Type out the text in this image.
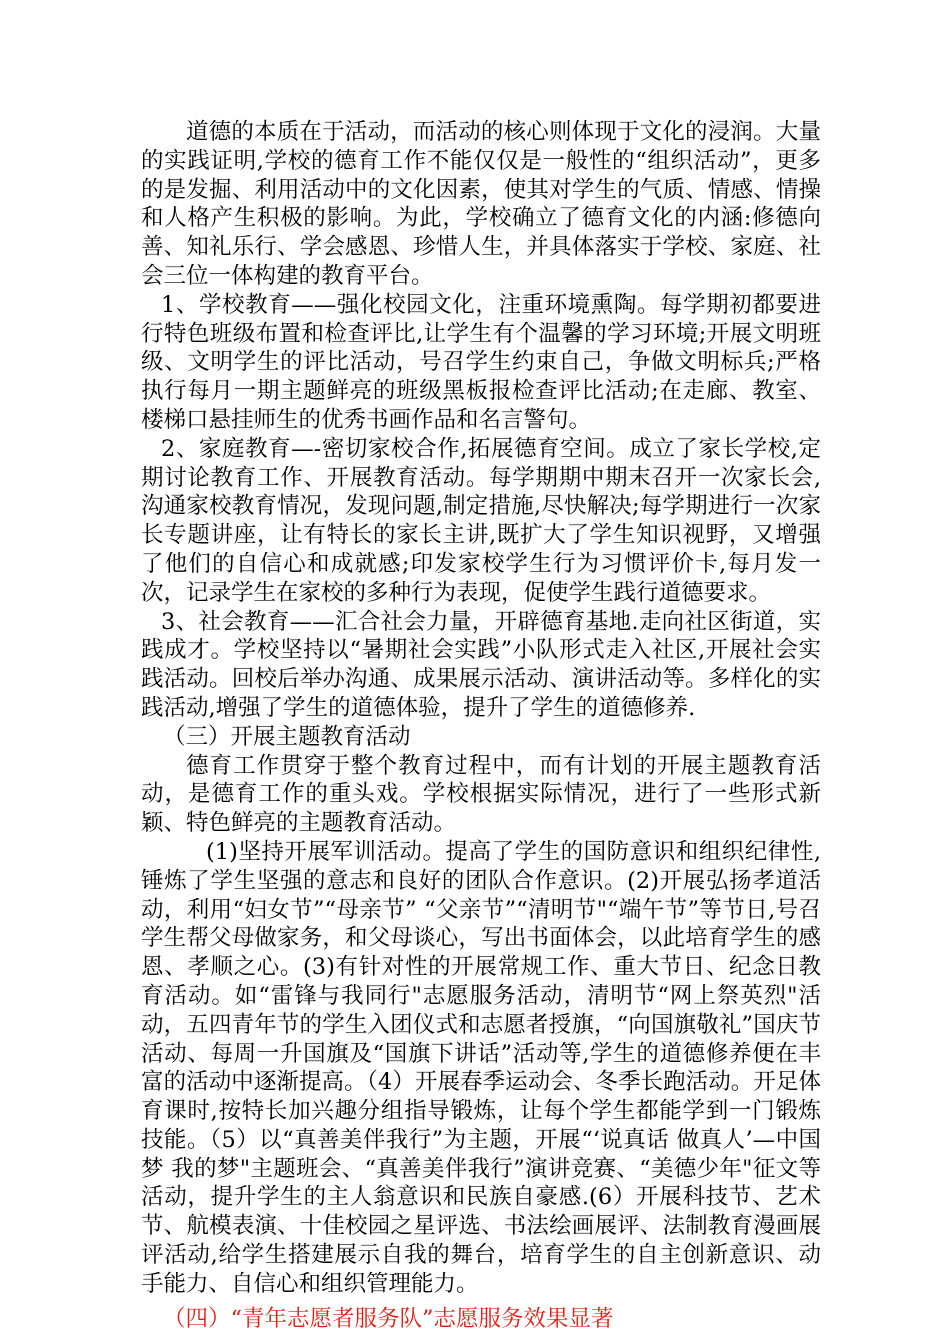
道德的本质在于活动，而活动的核心则体现于文化的浸润。大量的实践证明,学校的德育工作不能仅仅是一般性的“组织活动”，更多的是发掘、利用活动中的文化因素，使其对学生的气质、情感、情操和人格产生积极的影响。为此，学校确立了德育文化的内涵:修德向善、知礼乐行、学会感恩、珍惜人生，并具体落实于学校、家庭、社会三位一体构建的教育平台。

1、学校教育——强化校园文化，注重环境熏陶。每学期初都要进行特色班级布置和检查评比,让学生有个温馨的学习环境;开展文明班级、文明学生的评比活动，号召学生约束自己，争做文明标兵;严格执行每月一期主题鲜亮的班级黑板报检查评比活动;在走廊、教室、楼梯口悬挂师生的优秀书画作品和名言警句。

2、家庭教育—-密切家校合作,拓展德育空间。成立了家长学校,定期讨论教育工作、开展教育活动。每学期期中期末召开一次家长会,沟通家校教育情况，发现问题,制定措施,尽快解决;每学期进行一次家长专题讲座，让有特长的家长主讲,既扩大了学生知识视野，又增强了他们的自信心和成就感;印发家校学生行为习惯评价卡,每月发一次，记录学生在家校的多种行为表现，促使学生践行道德要求。

3、社会教育——汇合社会力量，开辟德育基地.走向社区街道，实践成才。学校坚持以“暑期社会实践”小队形式走入社区,开展社会实践活动。回校后举办沟通、成果展示活动、演讲活动等。多样化的实践活动,增强了学生的道德体验，提升了学生的道德修养.

（三）开展主题教育活动

德育工作贯穿于整个教育过程中，而有计划的开展主题教育活动，是德育工作的重头戏。学校根据实际情况，进行了一些形式新颖、特色鲜亮的主题教育活动。

(1)坚持开展军训活动。提高了学生的国防意识和组织纪律性,锤炼了学生坚强的意志和良好的团队合作意识。(2)开展弘扬孝道活动，利用“妇女节”“母亲节” “父亲节”“清明节"“端午节”等节日,号召学生帮父母做家务，和父母谈心，写出书面体会，以此培育学生的感恩、孝顺之心。(3)有针对性的开展常规工作、重大节日、纪念日教育活动。如“雷锋与我同行"志愿服务活动，清明节“网上祭英烈"活动，五四青年节的学生入团仪式和志愿者授旗，“向国旗敬礼”国庆节活动、每周一升国旗及“国旗下讲话”活动等,学生的道德修养便在丰富的活动中逐渐提高。（4）开展春季运动会、冬季长跑活动。开足体育课时,按特长加兴趣分组指导锻炼，让每个学生都能学到一门锻炼技能。（5）以“真善美伴我行”为主题，开展“‘说真话 做真人’—中国梦 我的梦"主题班会、“真善美伴我行”演讲竞赛、“美德少年"征文等活动，提升学生的主人翁意识和民族自豪感.(6）开展科技节、艺术节、航模表演、十佳校园之星评选、书法绘画展评、法制教育漫画展评活动,给学生搭建展示自我的舞台，培育学生的自主创新意识、动手能力、自信心和组织管理能力。

（四）“青年志愿者服务队”志愿服务效果显著
